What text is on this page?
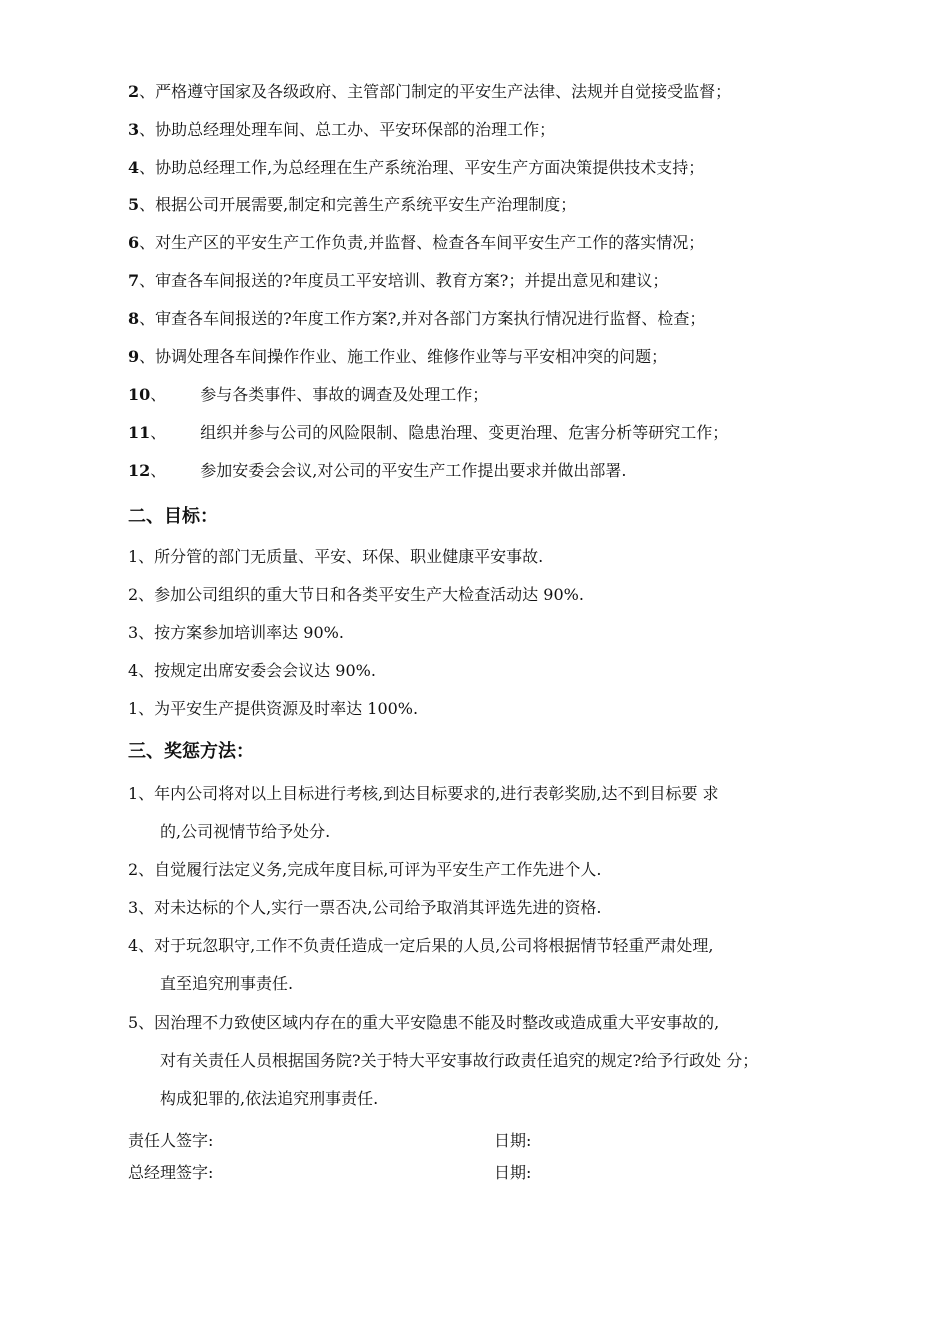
2、严格遵守国家及各级政府、主管部门制定的平安生产法律、法规并自觉接受监督；
3、协助总经理处理车间、总工办、平安环保部的治理工作；
4、协助总经理工作,为总经理在生产系统治理、平安生产方面决策提供技术支持；
5、根据公司开展需要,制定和完善生产系统平安生产治理制度；
6、对生产区的平安生产工作负责,并监督、检查各车间平安生产工作的落实情况；
7、审查各车间报送的?年度员工平安培训、教育方案?；并提出意见和建议；
8、审查各车间报送的?年度工作方案?,并对各部门方案执行情况进行监督、检查；
9、协调处理各车间操作作业、施工作业、维修作业等与平安相冲突的问题；
10、 参与各类事件、事故的调查及处理工作；
11、 组织并参与公司的风险限制、隐患治理、变更治理、危害分析等研究工作；
12、 参加安委会会议,对公司的平安生产工作提出要求并做出部署.
二、目标：
1、所分管的部门无质量、平安、环保、职业健康平安事故.
2、参加公司组织的重大节日和各类平安生产大检查活动达 90%.
3、按方案参加培训率达 90%.
4、按规定出席安委会会议达 90%.
1、为平安生产提供资源及时率达 100%.
三、奖惩方法：
1、年内公司将对以上目标进行考核,到达目标要求的,进行表彰奖励,达不到目标要 求
的,公司视情节给予处分.
2、自觉履行法定义务,完成年度目标,可评为平安生产工作先进个人.
3、对未达标的个人,实行一票否决,公司给予取消其评选先进的资格.
4、对于玩忽职守,工作不负责任造成一定后果的人员,公司将根据情节轻重严肃处理,
直至追究刑事责任.
5、因治理不力致使区域内存在的重大平安隐患不能及时整改或造成重大平安事故的,
对有关责任人员根据国务院?关于特大平安事故行政责任追究的规定?给予行政处 分；
构成犯罪的,依法追究刑事责任.
责任人签字:	日期:
总经理签字:	日期:
